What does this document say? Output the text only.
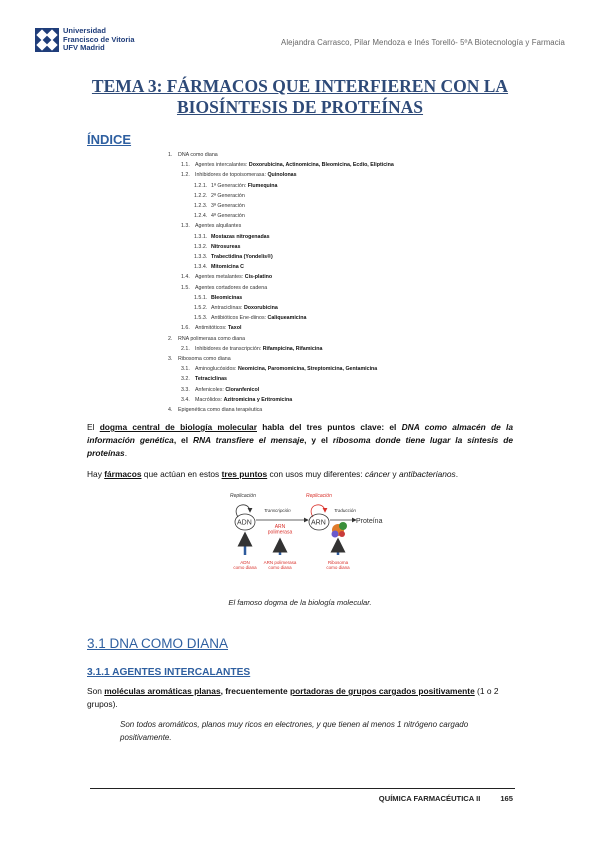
Universidad
Francisco de Vitoria
UFV Madrid
Alejandra Carrasco, Pilar Mendoza e Inés Torelló- 5ºA Biotecnología y Farmacia
TEMA 3: FÁRMACOS QUE INTERFIEREN CON LA
BIOSÍNTESIS DE PROTEÍNAS
ÍNDICE
1. DNA como diana
1.1. Agentes intercalantes: Doxorubicina, Actinomicina, Bleomicina, Ecdio, Elipticina
1.2. Inhibidores de topoisomerasa: Quinolonas
1.2.1. 1ª Generación: Flumequina
1.2.2. 2ª Generación
1.2.3. 3ª Generación
1.2.4. 4ª Generación
1.3. Agentes alquilantes
1.3.1. Mostazas nitrogenadas
1.3.2. Nitrosureas
1.3.3. Trabectidina (Yondelis®)
1.3.4. Mitomicina C
1.4. Agentes metalantes: Cis-platino
1.5. Agentes cortadores de cadena
1.5.1. Bleomicinas
1.5.2. Antraciclinas: Doxorubicina
1.5.3. Antibióticos Ene-diinos: Caliqueamicina
1.6. Antimitóticos: Taxol
2. RNA polimerasa como diana
2.1. Inhibidores de transcripción: Rifampicina, Rifamicina
3. Ribosoma como diana
3.1. Aminoglucósidos: Neomicina, Paromomicina, Streptomicina, Gentamicina
3.2. Tetraciclinas
3.3. Anfenicoles: Cloranfenicol
3.4. Macrólidos: Azitromicina y Eritromicina
4. Epigenética como diana terapéutica
El dogma central de biología molecular habla del tres puntos clave: el DNA como almacén de la información genética, el RNA transfiere el mensaje, y el ribosoma donde tiene lugar la síntesis de proteínas.
Hay fármacos que actúan en estos tres puntos con usos muy diferentes: cáncer y antibacterianos.
Replicación	Replicación
ADN
Transcripción
ARN polimerasa
ARN
Traducción
Proteína
ADN como diana
ARN polimerasa como diana
Ribosoma como diana
El famoso dogma de la biología molecular.
3.1 DNA COMO DIANA
3.1.1 AGENTES INTERCALANTES
Son moléculas aromáticas planas, frecuentemente portadoras de grupos cargados positivamente (1 o 2 grupos).
Son todos aromáticos, planos muy ricos en electrones, y que tienen al menos 1 nitrógeno cargado positivamente.
QUÍMICA FARMACÉUTICA II	165
